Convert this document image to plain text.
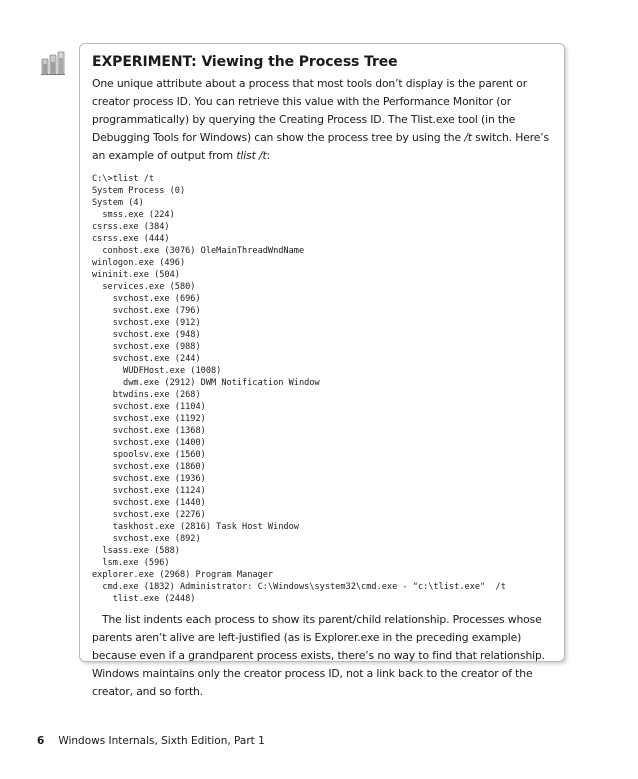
EXPERIMENT: Viewing the Process Tree

One unique attribute about a process that most tools don’t display is the parent or creator process ID. You can retrieve this value with the Performance Monitor (or programmatically) by querying the Creating Process ID. The Tlist.exe tool (in the Debugging Tools for Windows) can show the process tree by using the /t switch. Here’s an example of output from tlist /t:

C:\>tlist /t
System Process (0)
System (4)
smss.exe (224)
csrss.exe (384)
csrss.exe (444)
conhost.exe (3076) OleMainThreadWndName
winlogon.exe (496)
wininit.exe (504)
services.exe (580)
svchost.exe (696)
svchost.exe (796)
svchost.exe (912)
svchost.exe (948)
svchost.exe (988)
svchost.exe (244)
WUDFHost.exe (1008)
dwm.exe (2912) DWM Notification Window
btwdins.exe (268)
svchost.exe (1104)
svchost.exe (1192)
svchost.exe (1368)
svchost.exe (1400)
spoolsv.exe (1560)
svchost.exe (1860)
svchost.exe (1936)
svchost.exe (1124)
svchost.exe (1440)
svchost.exe (2276)
taskhost.exe (2816) Task Host Window
svchost.exe (892)
lsass.exe (588)
lsm.exe (596)
explorer.exe (2968) Program Manager
cmd.exe (1832) Administrator: C:\Windows\system32\cmd.exe - "c:\tlist.exe"  /t
tlist.exe (2448)

The list indents each process to show its parent/child relationship. Processes whose parents aren’t alive are left-justified (as is Explorer.exe in the preceding example) because even if a grandparent process exists, there’s no way to find that relationship. Windows maintains only the creator process ID, not a link back to the creator of the creator, and so forth.

6 Windows Internals, Sixth Edition, Part 1
